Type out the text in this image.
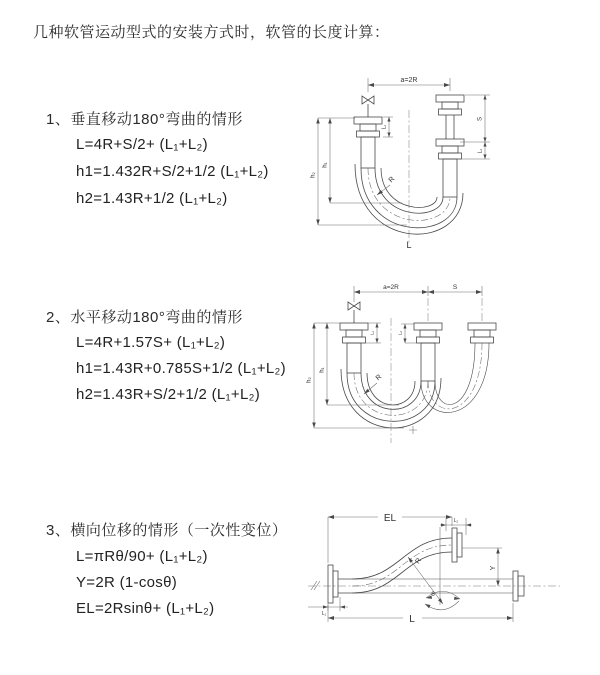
几种软管运动型式的安装方式时，软管的长度计算：
1、垂直移动180°弯曲的情形
L=4R+S/2+ (L₁+L₂)
h1=1.432R+S/2+1/2 (L₁+L₂)
h2=1.43R+1/2 (L₁+L₂)
2、水平移动180°弯曲的情形
L=4R+1.57S+ (L₁+L₂)
h1=1.43R+0.785S+1/2 (L₁+L₂)
h2=1.43R+S/2+1/2 (L₁+L₂)
3、横向位移的情形（一次性变位）
L=πRθ/90+ (L₁+L₂)
Y=2R (1-cosθ)
EL=2Rsinθ+ (L₁+L₂)
a=2R
h₂
h₁
L₁
S
L₂
R
L
a=2R	S
h₂
h₁
L₁	L₂
R
EL	L₂
Y
L
L₁
R
θ
